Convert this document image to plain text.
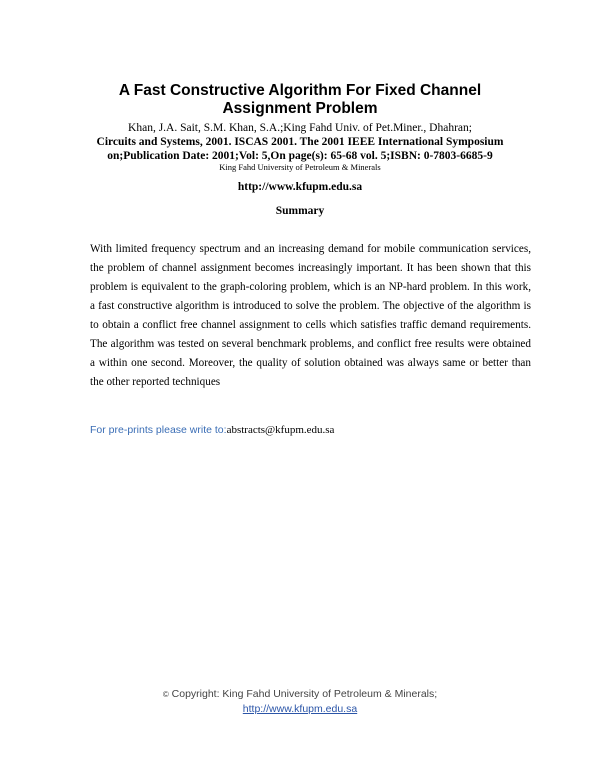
A Fast Constructive Algorithm For Fixed Channel
Assignment Problem
Khan, J.A. Sait, S.M. Khan, S.A.;King Fahd Univ. of Pet.Miner., Dhahran;
Circuits and Systems, 2001. ISCAS 2001. The 2001 IEEE International Symposium
on;Publication Date: 2001;Vol: 5,On page(s): 65-68 vol. 5;ISBN: 0-7803-6685-9
King Fahd University of Petroleum & Minerals
http://www.kfupm.edu.sa
Summary
With limited frequency spectrum and an increasing demand for mobile communication services, the problem of channel assignment becomes increasingly important. It has been shown that this problem is equivalent to the graph-coloring problem, which is an NP-hard problem. In this work, a fast constructive algorithm is introduced to solve the problem. The objective of the algorithm is to obtain a conflict free channel assignment to cells which satisfies traffic demand requirements. The algorithm was tested on several benchmark problems, and conflict free results were obtained a within one second. Moreover, the quality of solution obtained was always same or better than the other reported techniques
For pre-prints please write to:abstracts@kfupm.edu.sa
© Copyright: King Fahd University of Petroleum & Minerals;
http://www.kfupm.edu.sa
